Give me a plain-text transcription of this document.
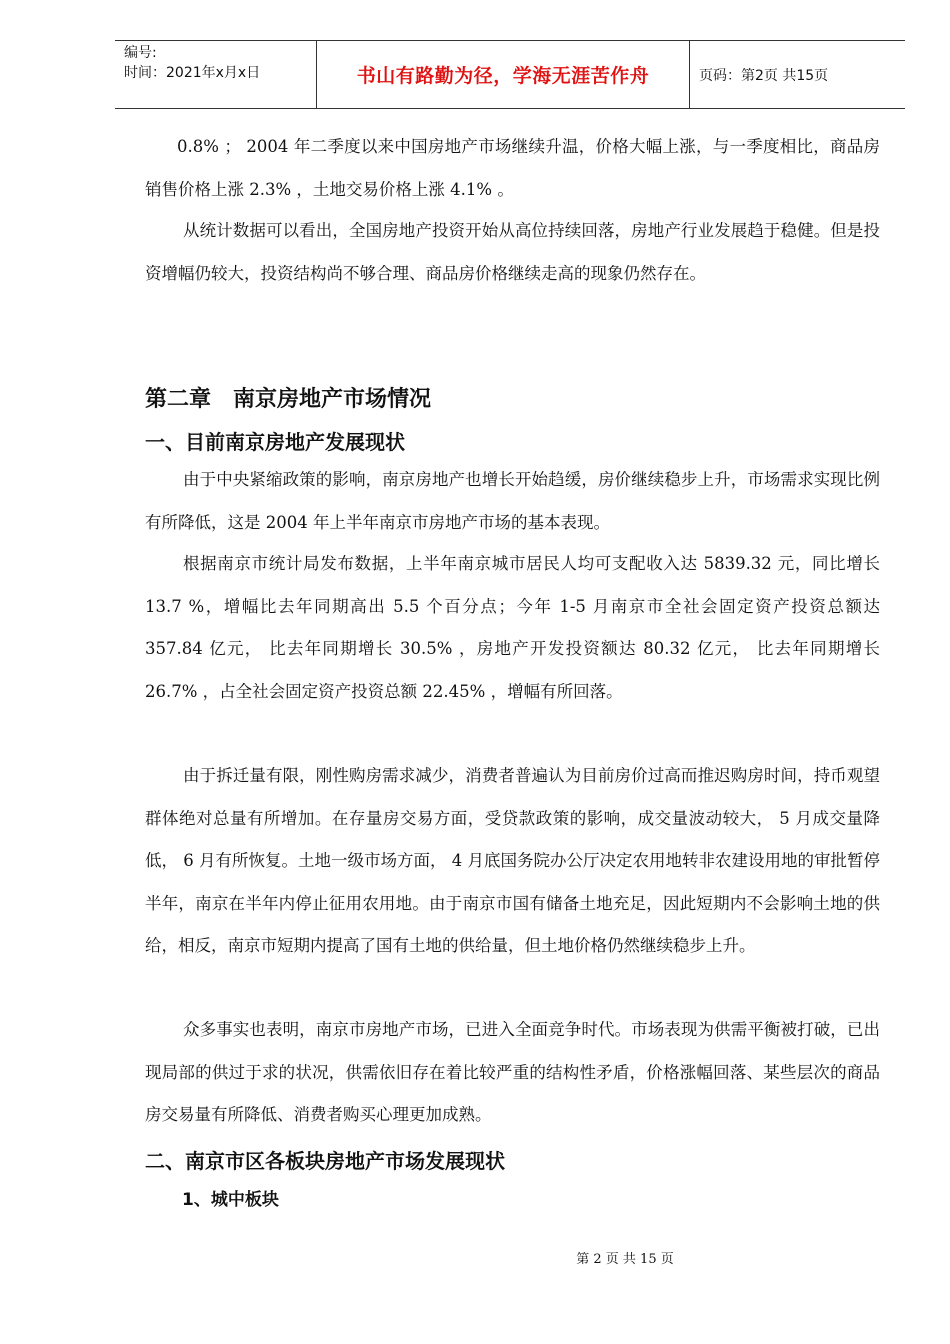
编号:
时间：2021年x月x日	书山有路勤为径，学海无涯苦作舟	页码：第2页 共15页
0.8% ； 2004 年二季度以来中国房地产市场继续升温，价格大幅上涨，与一季度相比，商品房销售价格上涨 2.3% ，土地交易价格上涨 4.1% 。
从统计数据可以看出，全国房地产投资开始从高位持续回落，房地产行业发展趋于稳健。但是投资增幅仍较大，投资结构尚不够合理、商品房价格继续走高的现象仍然存在。
第二章　南京房地产市场情况
一、目前南京房地产发展现状
由于中央紧缩政策的影响，南京房地产也增长开始趋缓，房价继续稳步上升，市场需求实现比例有所降低，这是 2004 年上半年南京市房地产市场的基本表现。
根据南京市统计局发布数据，上半年南京城市居民人均可支配收入达 5839.32 元，同比增长 13.7 %，增幅比去年同期高出 5.5 个百分点；今年 1-5 月南京市全社会固定资产投资总额达 357.84 亿元， 比去年同期增长 30.5% ，房地产开发投资额达 80.32 亿元， 比去年同期增长 26.7% ，占全社会固定资产投资总额 22.45% ，增幅有所回落。
由于拆迁量有限，刚性购房需求减少，消费者普遍认为目前房价过高而推迟购房时间，持币观望群体绝对总量有所增加。在存量房交易方面，受贷款政策的影响，成交量波动较大， 5 月成交量降低， 6 月有所恢复。土地一级市场方面， 4 月底国务院办公厅决定农用地转非农建设用地的审批暂停半年，南京在半年内停止征用农用地。由于南京市国有储备土地充足，因此短期内不会影响土地的供给，相反，南京市短期内提高了国有土地的供给量，但土地价格仍然继续稳步上升。
众多事实也表明，南京市房地产市场，已进入全面竞争时代。市场表现为供需平衡被打破，已出现局部的供过于求的状况，供需依旧存在着比较严重的结构性矛盾，价格涨幅回落、某些层次的商品房交易量有所降低、消费者购买心理更加成熟。
二、南京市区各板块房地产市场发展现状
1、城中板块
第 2 页 共 15 页
